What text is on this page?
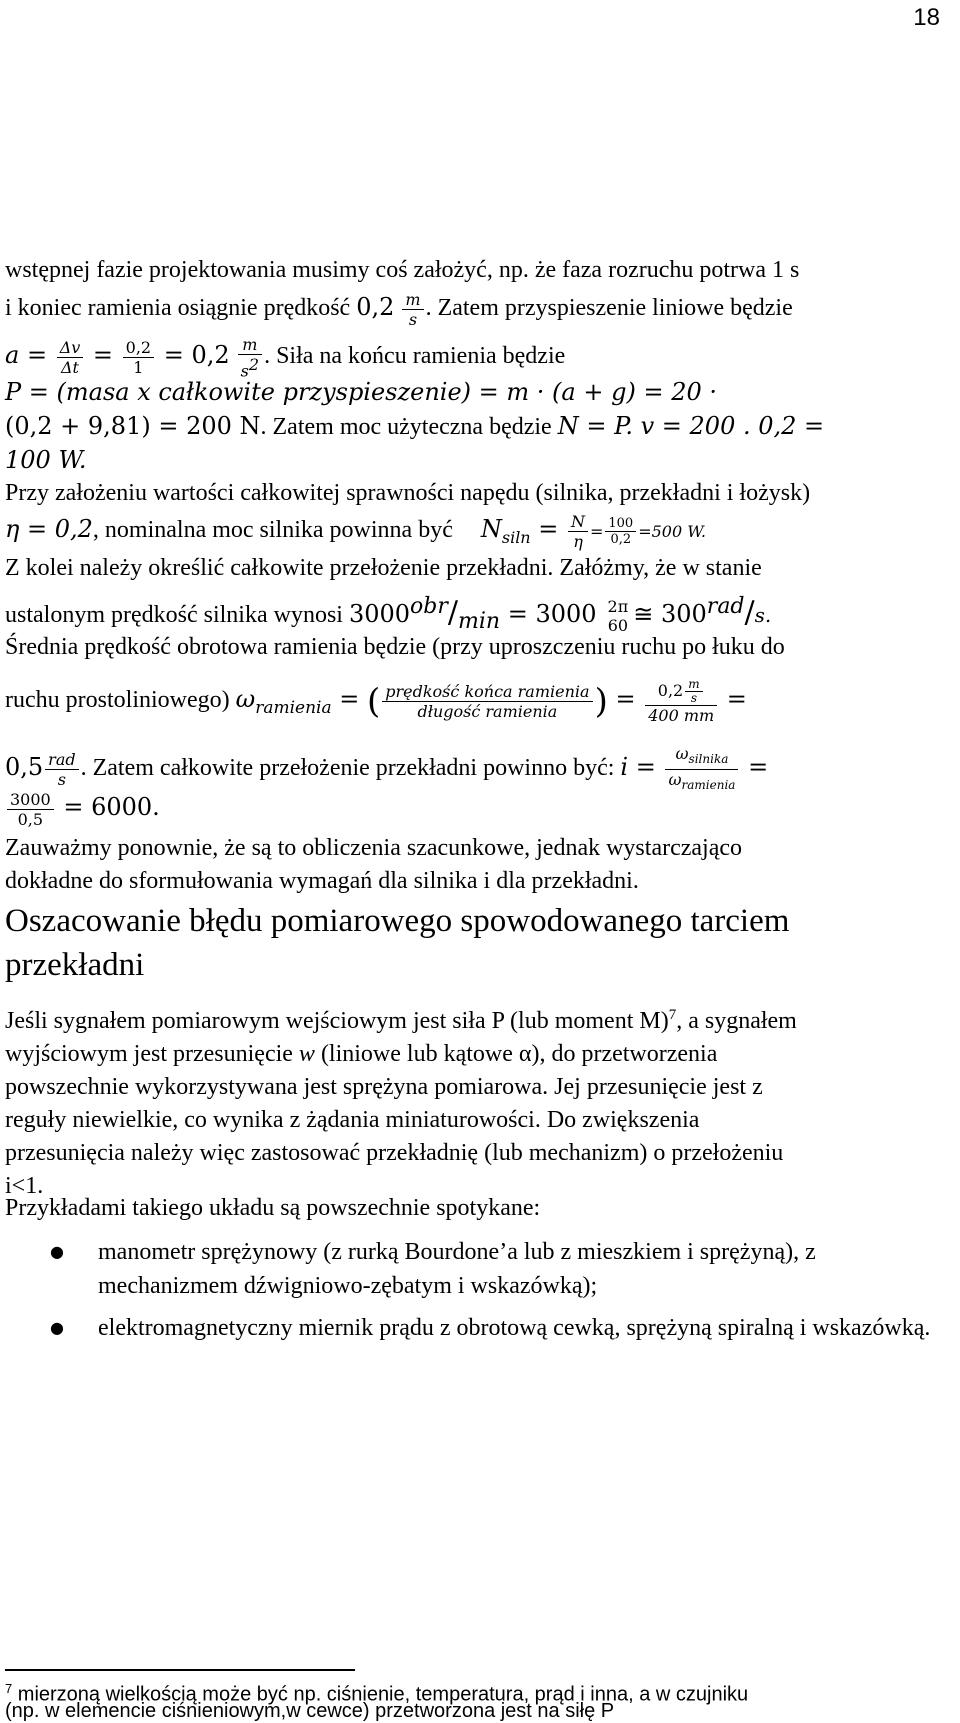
18
wstępnej fazie projektowania musimy coś założyć, np. że faza rozruchu potrwa 1 s
i koniec ramienia osiągnie prędkość $0,2 \frac{m}{s}$ . Zatem przyspieszenie liniowe będzie
$a = \frac{\Delta v}{\Delta t} = \frac{0,2}{1} = 0,2 \frac{m}{s^2}$ . Siła na końcu ramienia będzie
P = (masa x całkowite przyspieszenie) = m · (a + g) = 20 ·
(0,2 + 9,81) = 200 N. Zatem moc użyteczna będzie N = P. v = 200 . 0,2 =
100 W.
Przy założeniu wartości całkowitej sprawności napędu (silnika, przekładni i łożysk)
η = 0,2, nominalna moc silnika powinna być $N_{siln} = \frac{N}{\eta} = \frac{100}{0,2} =500$ W.
Z kolei należy określić całkowite przełożenie przekładni. Załóżmy, że w stanie
ustalonym prędkość silnika wynosi $3000^{obr}/_{min} = 3000$ 2π
60 ≅ $300^{rad}/s$.
Średnia prędkość obrotowa ramienia będzie (przy uproszczeniu ruchu po łuku do
ruchu prostoliniowego) $\omega_{ramienia}$ = ( $\frac{\text{prędkość końca ramienia}}{\text{długość ramienia}}$ ) = $\frac{0,2 \frac{m}{s}}{400 mm}$ =
$0,5 \frac{\text{rad}}{s}$ . Zatem całkowite przełożenie przekładni powinno być: $i = \frac{\omega_{silnika}}{\omega_{ramienia}}$ =
$\frac{3000}{0,5} = 6000$.
Zauważmy ponownie, że są to obliczenia szacunkowe, jednak wystarczająco
dokładne do sformułowania wymagań dla silnika i dla przekładni.
Oszacowanie błędu pomiarowego spowodowanego tarciem
przekładni
Jeśli sygnałem pomiarowym wejściowym jest siła P (lub moment M)$^7$, a sygnałem
wyjściowym jest przesunięcie w (liniowe lub kątowe α), do przetworzenia
powszechnie wykorzystywana jest sprężyna pomiarowa. Jej przesunięcie jest z
reguły niewielkie, co wynika z żądania miniaturowości. Do zwiększenia
przesunięcia należy więc zastosować przekładnię (lub mechanizm) o przełożeniu
i<1.
Przykładami takiego układu są powszechnie spotykane:
● manometr sprężynowy (z rurką Bourdone’a lub z mieszkiem i sprężyną), z mechanizmem dźwigniowo-zębatym i wskazówką);
● elektromagnetyczny miernik prądu z obrotową cewką, sprężyną spiralną i wskazówką.
$^7$ mierzoną wielkością może być np. ciśnienie, temperatura, prąd i inna, a w czujniku
(np. w elemencie ciśnieniowym,w cewce) przetworzona jest na siłę P
